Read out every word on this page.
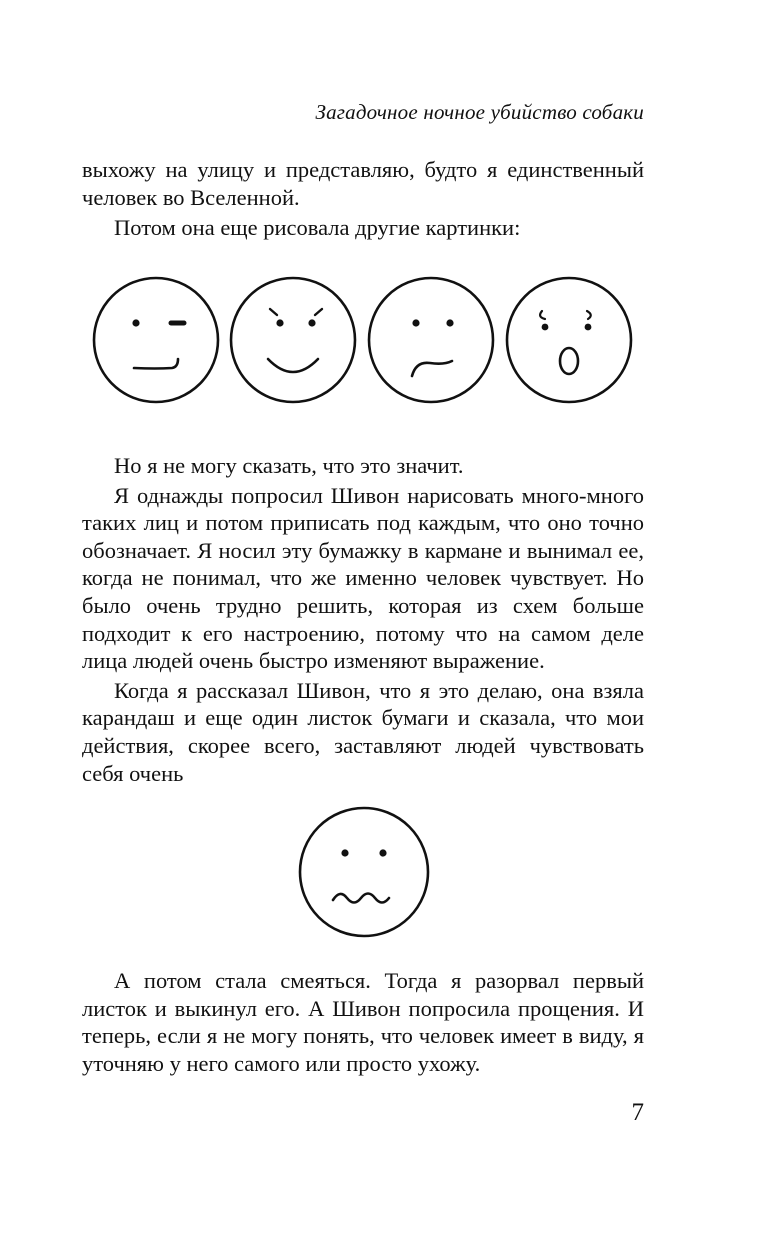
Загадочное ночное убийство собаки

выхожу на улицу и представляю, будто я единственный

человек во Вселенной.

Потом она еще рисовала другие картинки:

Но я не могу сказать, что это значит.

Я однажды попросил Шивон нарисовать много-много таких лиц и потом приписать под каждым, что оно точно обозначает. Я носил эту бумажку в кармане и вынимал ее, когда не понимал, что же именно человек чувствует. Но было очень трудно решить, которая из схем больше подходит к его настроению, потому что на самом деле лица людей очень быстро изменяют выражение.

Когда я рассказал Шивон, что я это делаю, она взяла карандаш и еще один листок бумаги и сказала, что мои действия, скорее всего, заставляют людей чувствовать себя очень

А потом стала смеяться. Тогда я разорвал первый листок и выкинул его. А Шивон попросила прощения. И теперь, если я не могу понять, что человек имеет в виду, я уточняю у него самого или просто ухожу.

7
